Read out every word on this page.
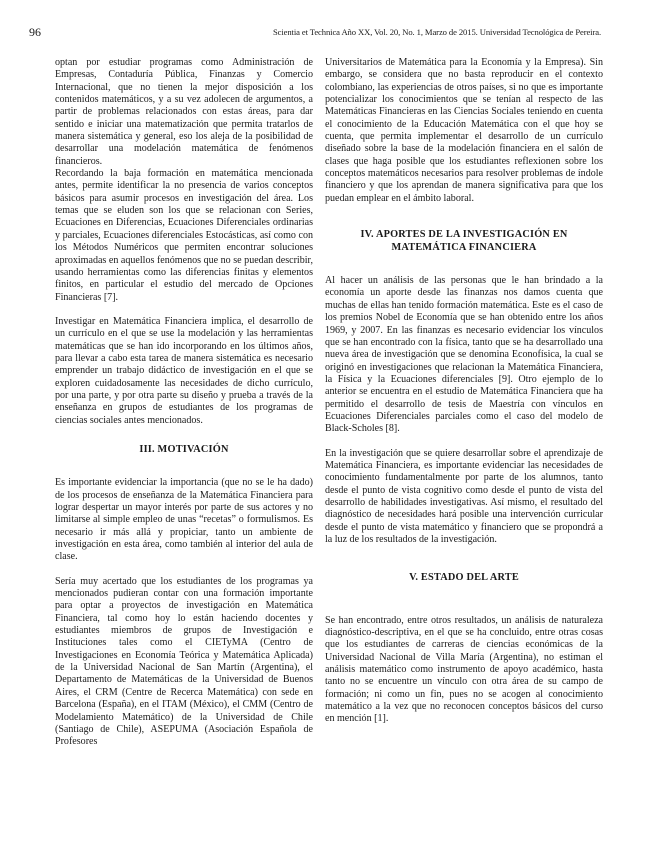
96	Scientia et Technica Año XX, Vol. 20, No. 1, Marzo de 2015. Universidad Tecnológica de Pereira.

optan por estudiar programas como Administración de Empresas, Contaduría Pública, Finanzas y Comercio Internacional, que no tienen la mejor disposición a los contenidos matemáticos, y a su vez adolecen de argumentos, a partir de problemas relacionados con estas áreas, para dar sentido e iniciar una matematización que permita tratarlos de manera sistemática y general, eso los aleja de la posibilidad de desarrollar una modelación matemática de fenómenos financieros.

Recordando la baja formación en matemática mencionada antes, permite identificar la no presencia de varios conceptos básicos para asumir procesos en investigación del área. Los temas que se eluden son los que se relacionan con Series, Ecuaciones en Diferencias, Ecuaciones Diferenciales ordinarias y parciales, Ecuaciones diferenciales Estocásticas, así como con los Métodos Numéricos que permiten encontrar soluciones aproximadas en aquellos fenómenos que no se puedan describir, usando herramientas como las diferencias finitas y elementos finitos, en particular el estudio del mercado de Opciones Financieras [7].

Investigar en Matemática Financiera implica, el desarrollo de un currículo en el que se use la modelación y las herramientas matemáticas que se han ido incorporando en los últimos años, para llevar a cabo esta tarea de manera sistemática es necesario emprender un trabajo didáctico de investigación en el que se exploren cuidadosamente las necesidades de dicho currículo, por una parte, y por otra parte su diseño y prueba a través de la enseñanza en grupos de estudiantes de los programas de ciencias sociales antes mencionados.

III. MOTIVACIÓN

Es importante evidenciar la importancia (que no se le ha dado) de los procesos de enseñanza de la Matemática Financiera para lograr despertar un mayor interés por parte de sus actores y no limitarse al simple empleo de unas “recetas” o formulismos. Es necesario ir más allá y propiciar, tanto un ambiente de investigación en esta área, como también al interior del aula de clase.

Sería muy acertado que los estudiantes de los programas ya mencionados pudieran contar con una formación importante para optar a proyectos de investigación en Matemática Financiera, tal como hoy lo están haciendo docentes y estudiantes miembros de grupos de Investigación e Instituciones tales como el CIETyMA (Centro de Investigaciones en Economía Teórica y Matemática Aplicada) de la Universidad Nacional de San Martín (Argentina), el Departamento de Matemáticas de la Universidad de Buenos Aires, el CRM (Centre de Recerca Matemática) con sede en Barcelona (España), en el ITAM (México), el CMM (Centro de Modelamiento Matemático) de la Universidad de Chile (Santiago de Chile), ASEPUMA (Asociación Española de Profesores

Universitarios de Matemática para la Economía y la Empresa). Sin embargo, se considera que no basta reproducir en el contexto colombiano, las experiencias de otros países, si no que es importante potencializar los conocimientos que se tenían al respecto de las Matemáticas Financieras en las Ciencias Sociales teniendo en cuenta el conocimiento de la Educación Matemática con el que hoy se cuenta, que permita implementar el desarrollo de un currículo diseñado sobre la base de la modelación financiera en el salón de clases que haga posible que los estudiantes reflexionen sobre los conceptos matemáticos necesarios para resolver problemas de índole financiero y que los aprendan de manera significativa para que los puedan emplear en el ámbito laboral.

IV. APORTES DE LA INVESTIGACIÓN EN
MATEMÁTICA FINANCIERA

Al hacer un análisis de las personas que le han brindado a la economía un aporte desde las finanzas nos damos cuenta que muchas de ellas han tenido formación matemática. Este es el caso de los premios Nobel de Economía que se han obtenido entre los años 1969, y 2007. En las finanzas es necesario evidenciar los vínculos que se han encontrado con la física, tanto que se ha desarrollado una nueva área de investigación que se denomina Econofísica, la cual se originó en investigaciones que relacionan la Matemática Financiera, la Física y la Ecuaciones diferenciales [9]. Otro ejemplo de lo anterior se encuentra en el estudio de Matemática Financiera que ha permitido el desarrollo de tesis de Maestría con vínculos en Ecuaciones Diferenciales parciales como el caso del modelo de Black-Scholes [8].

En la investigación que se quiere desarrollar sobre el aprendizaje de Matemática Financiera, es importante evidenciar las necesidades de conocimiento fundamentalmente por parte de los alumnos, tanto desde el punto de vista cognitivo como desde el punto de vista del desarrollo de habilidades investigativas. Así mismo, el resultado del diagnóstico de necesidades hará posible una intervención curricular desde el punto de vista matemático y financiero que se propondrá a la luz de los resultados de la investigación.

V. ESTADO DEL ARTE

Se han encontrado, entre otros resultados, un análisis de naturaleza diagnóstico-descriptiva, en el que se ha concluido, entre otras cosas que los estudiantes de carreras de ciencias económicas de la Universidad Nacional de Villa María (Argentina), no estiman el análisis matemático como instrumento de apoyo académico, hasta tanto no se encuentre un vínculo con otra área de su campo de formación; ni como un fin, pues no se acogen al conocimiento matemático a la vez que no reconocen conceptos básicos del curso en mención [1].
